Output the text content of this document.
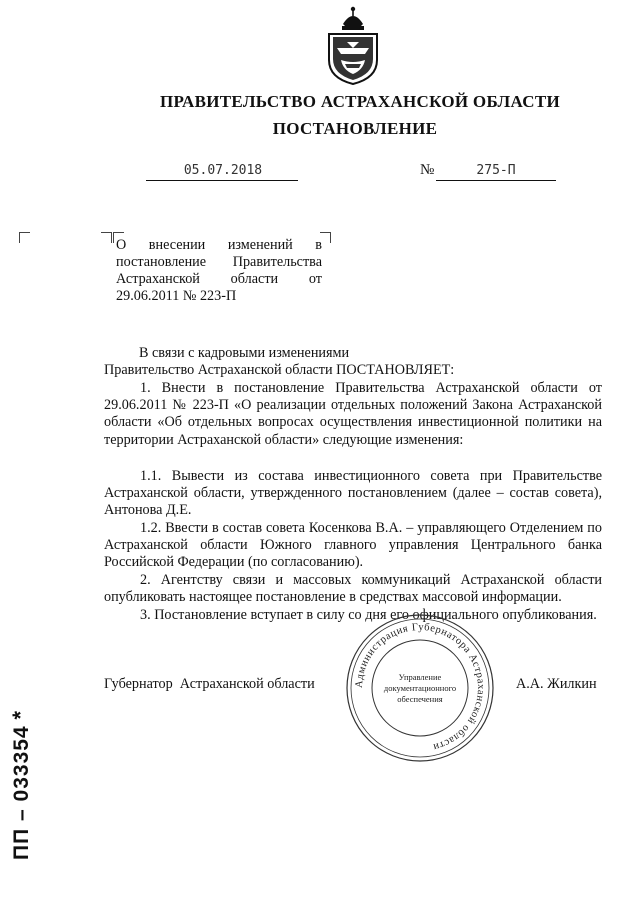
ПРАВИТЕЛЬСТВО АСТРАХАНСКОЙ ОБЛАСТИ
ПОСТАНОВЛЕНИЕ
05.07.2018	№	275-П
О внесении изменений в постановление Правительства Астраханской области от 29.06.2011 № 223-П
В связи с кадровыми изменениями
Правительство Астраханской области ПОСТАНОВЛЯЕТ:
1. Внести в постановление Правительства Астраханской области от 29.06.2011 № 223-П «О реализации отдельных положений Закона Астраханской области «Об отдельных вопросах осуществления инвестиционной политики на территории Астраханской области» следующие изменения:
1.1. Вывести из состава инвестиционного совета при Правительстве Астраханской области, утвержденного постановлением (далее – состав совета), Антонова Д.Е.
1.2. Ввести в состав совета Косенкова В.А. – управляющего Отделением по Астраханской области Южного главного управления Центрального банка Российской Федерации (по согласованию).
2. Агентству связи и массовых коммуникаций Астраханской области опубликовать настоящее постановление в средствах массовой информации.
3. Постановление вступает в силу со дня его официального опубликования.
Губернатор  Астраханской области	А.А. Жилкин
Администрация Губернатора Астраханской области
Управление
документационного
обеспечения
ПП – 033354 *
